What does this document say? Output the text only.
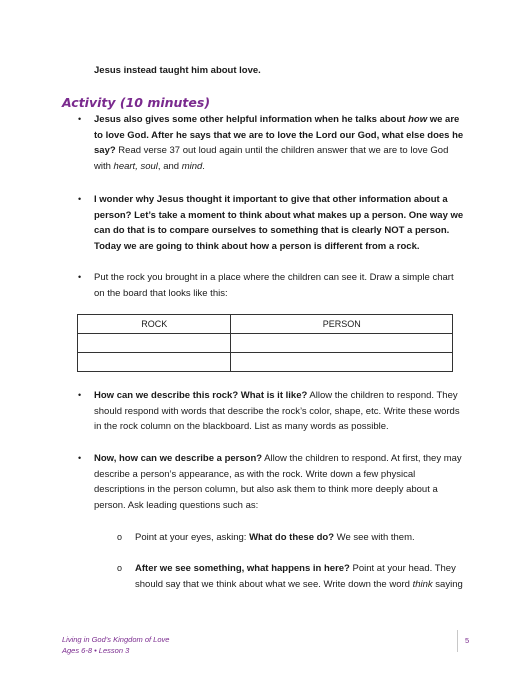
Jesus instead taught him about love.
Activity (10 minutes)
• Jesus also gives some other helpful information when he talks about how we are to love God. After he says that we are to love the Lord our God, what else does he say? Read verse 37 out loud again until the children answer that we are to love God with heart, soul, and mind.
• I wonder why Jesus thought it important to give that other information about a person? Let’s take a moment to think about what makes up a person. One way we can do that is to compare ourselves to something that is clearly NOT a person. Today we are going to think about how a person is different from a rock.
• Put the rock you brought in a place where the children can see it. Draw a simple chart on the board that looks like this:
ROCK	PERSON

• How can we describe this rock? What is it like? Allow the children to respond. They should respond with words that describe the rock’s color, shape, etc. Write these words in the rock column on the blackboard. List as many words as possible.
• Now, how can we describe a person? Allow the children to respond. At first, they may describe a person’s appearance, as with the rock. Write down a few physical descriptions in the person column, but also ask them to think more deeply about a person. Ask leading questions such as:
o Point at your eyes, asking: What do these do? We see with them.
o After we see something, what happens in here? Point at your head. They should say that we think about what we see. Write down the word think saying
Living in God’s Kingdom of Love
Ages 6-8 • Lesson 3
5
